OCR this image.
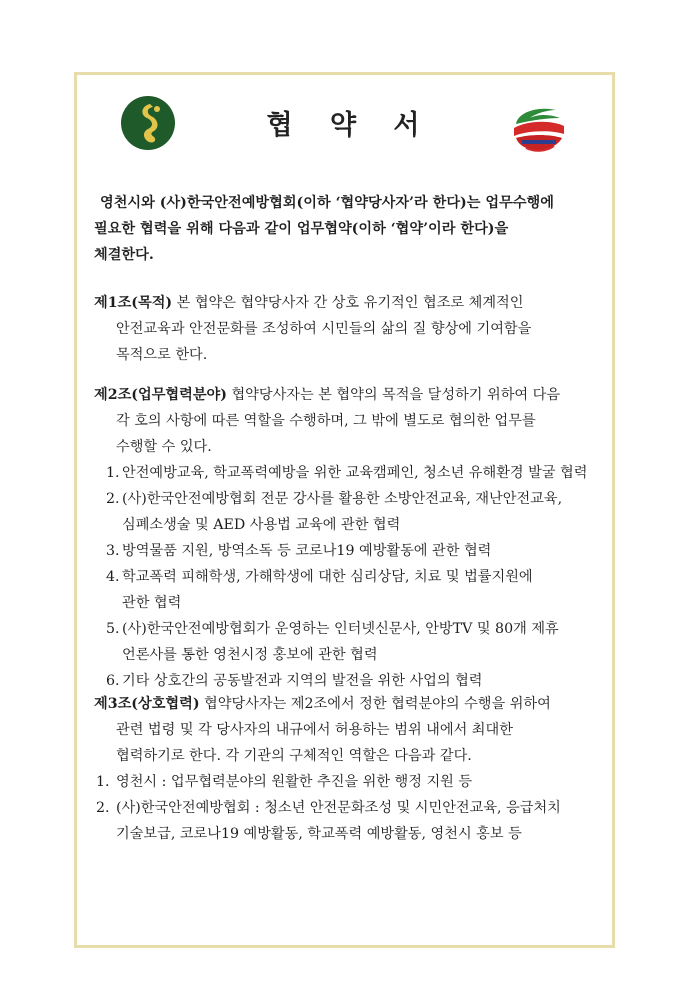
협 약 서
영천시와 (사)한국안전예방협회(이하 ‘협약당사자’라 한다)는 업무수행에
필요한 협력을 위해 다음과 같이 업무협약(이하 ‘협약’이라 한다)을
체결한다.
제1조(목적) 본 협약은 협약당사자 간 상호 유기적인 협조로 체계적인
안전교육과 안전문화를 조성하여 시민들의 삶의 질 향상에 기여함을
목적으로 한다.
제2조(업무협력분야) 협약당사자는 본 협약의 목적을 달성하기 위하여 다음
각 호의 사항에 따른 역할을 수행하며, 그 밖에 별도로 협의한 업무를
수행할 수 있다.
1. 안전예방교육, 학교폭력예방을 위한 교육캠페인, 청소년 유해환경 발굴 협력
2. (사)한국안전예방협회 전문 강사를 활용한 소방안전교육, 재난안전교육,
심폐소생술 및 AED 사용법 교육에 관한 협력
3. 방역물품 지원, 방역소독 등 코로나19 예방활동에 관한 협력
4. 학교폭력 피해학생, 가해학생에 대한 심리상담, 치료 및 법률지원에
관한 협력
5. (사)한국안전예방협회가 운영하는 인터넷신문사, 안방TV 및 80개 제휴
언론사를 통한 영천시정 홍보에 관한 협력
6. 기타 상호간의 공동발전과 지역의 발전을 위한 사업의 협력
제3조(상호협력) 협약당사자는 제2조에서 정한 협력분야의 수행을 위하여
관련 법령 및 각 당사자의 내규에서 허용하는 범위 내에서 최대한
협력하기로 한다. 각 기관의 구체적인 역할은 다음과 같다.
1. 영천시 : 업무협력분야의 원활한 추진을 위한 행정 지원 등
2. (사)한국안전예방협회 : 청소년 안전문화조성 및 시민안전교육, 응급처치
기술보급, 코로나19 예방활동, 학교폭력 예방활동, 영천시 홍보 등
